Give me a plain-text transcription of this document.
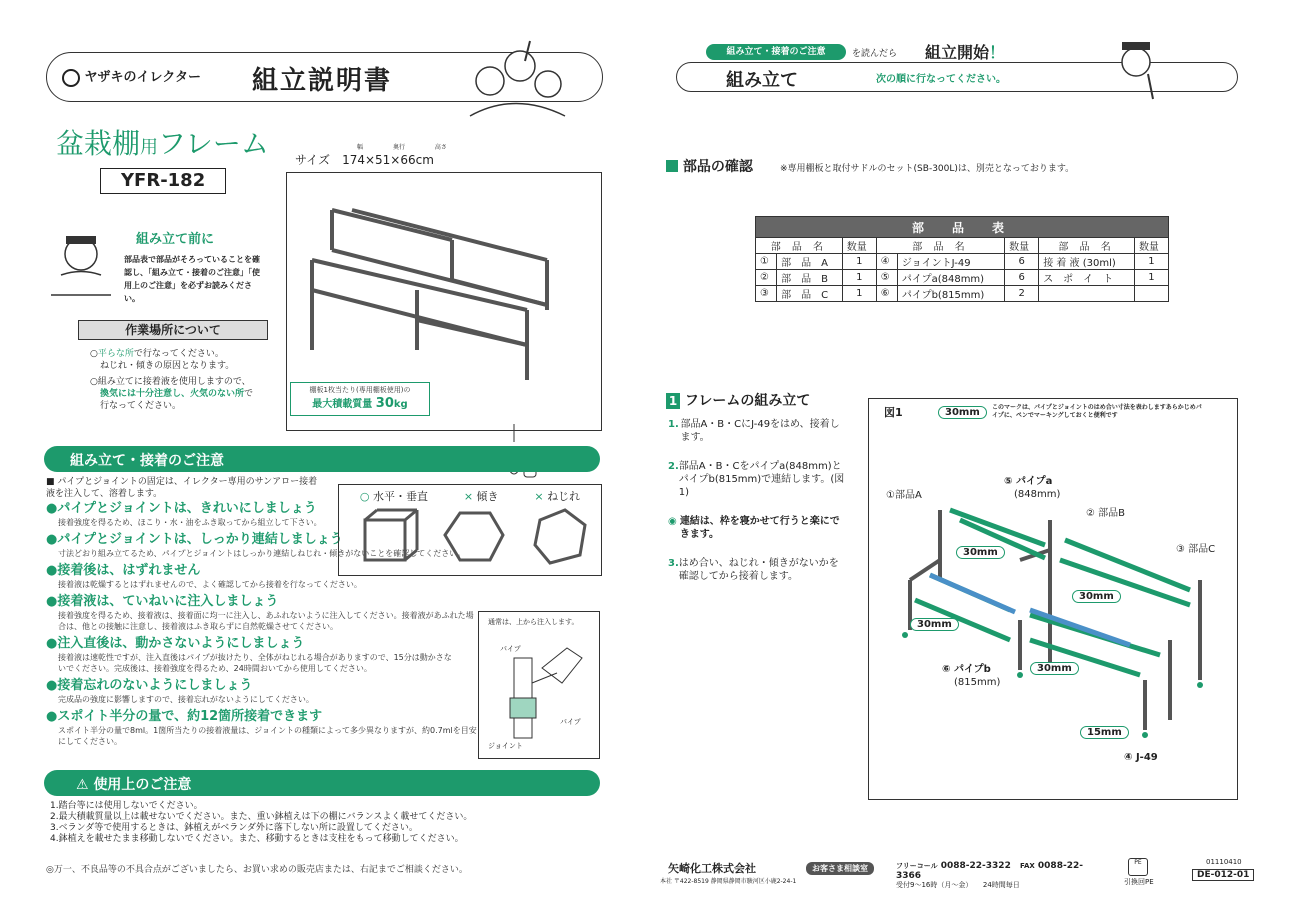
ヤザキのイレクター 組立説明書
盆栽棚用フレーム
YFR-182
幅	奥行	高さ
サイズ　 174×51×66cm
棚板1枚当たり(専用棚板使用)の
最大積載質量 30kg
組み立て前に
部品表で部品がそろっていることを確認し、「組み立て・接着のご注意」「使用上のご注意」を必ずお読みください。
作業場所について
○平らな所で行なってください。
ねじれ・傾きの原因となります。
○組み立てに接着液を使用しますので、
換気には十分注意し、火気のない所で
行なってください。
組み立て・接着のご注意
■ パイプとジョイントの固定は、イレクター専用のサンアロー接着液を注入して、溶着します。

●パイプとジョイントは、きれいにしましょう

接着強度を得るため、ほこり・水・油をふき取ってから組立して下さい。

●パイプとジョイントは、しっかり連結しましょう

寸法どおり組み立てるため、パイプとジョイントはしっかり連結しねじれ・傾きがないことを確認してください。

●接着後は、はずれません

接着液は乾燥するとはずれませんので、よく確認してから接着を行なってください。

●接着液は、ていねいに注入しましょう

接着強度を得るため、接着液は、接着面に均一に注入し、あふれないように注入してください。接着液があふれた場合は、他との接触に注意し、接着液はふき取らずに自然乾燥させてください。

●注入直後は、動かさないようにしましょう

接着液は速乾性ですが、注入直後はパイプが抜けたり、全体がねじれる場合がありますので、15分は動かさないでください。完成後は、接着強度を得るため、24時間おいてから使用してください。

●接着忘れのないようにしましょう

完成品の強度に影響しますので、接着忘れがないようにしてください。

●スポイト半分の量で、約12箇所接着できます

スポイト半分の量で8ml。1箇所当たりの接着液量は、ジョイントの種類によって多少異なりますが、約0.7mlを目安にしてください。

○ 水平・垂直	× 傾き	× ねじれ
通常は、上から注入します。
パイプ
パイプ
ジョイント
⚠ 使用上のご注意
1.踏台等には使用しないでください。
2.最大積載質量以上は載せないでください。また、重い鉢植えは下の棚にバランスよく載せてください。
3.ベランダ等で使用するときは、鉢植えがベランダ外に落下しない所に設置してください。
4.鉢植えを載せたまま移動しないでください。また、移動するときは支柱をもって移動してください。
◎万一、不良品等の不具合点がございましたら、お買い求めの販売店または、右記までご相談ください。
組み立て・接着のご注意	を読んだら 組立開始！
組み立て	次の順に行なってください。
部品の確認	※専用棚板と取付サドルのセット(SB-300L)は、別売となっております。
部　品　表							
部 品 名		数量	部 品 名		数量	部 品 名	数量
①	部　品　A	1	④	ジョイントJ-49	6	接 着 液 (30ml)	1
②	部　品　B	1	⑤	パイプa(848mm)	6	ス　ポ　イ　ト	1
③	部　品　C	1	⑥	パイプb(815mm)	2		
1 フレームの組み立て
1. 部品A・B・CにJ-49をはめ、接着します。
2. 部品A・B・Cをパイプa(848mm)とパイプb(815mm)で連結します。(図1)
◉ 連結は、枠を寝かせて行うと楽にできます。
3. はめ合い、ねじれ・傾きがないかを確認してから接着します。
図1	30mm	このマークは、パイプとジョイントのはめ合い寸法を表わしますあらかじめパイプに、ペンでマーキングしておくと便利です
①部品A
② 部品B
③ 部品C
⑤ パイプa
(848mm)
⑥ パイプb
(815mm)
④ J-49
30mm
30mm
30mm
30mm
15mm
矢崎化工株式会社
本社 〒422-8519 静岡県静岡市駿河区小鹿2-24-1
お客さま相談室	フリーコール 0088-22-3322 FAX 0088-22-3366
受付9〜16時（月〜金）　　 24時間毎日
PE
引換回PE
01110410
DE-012-01
